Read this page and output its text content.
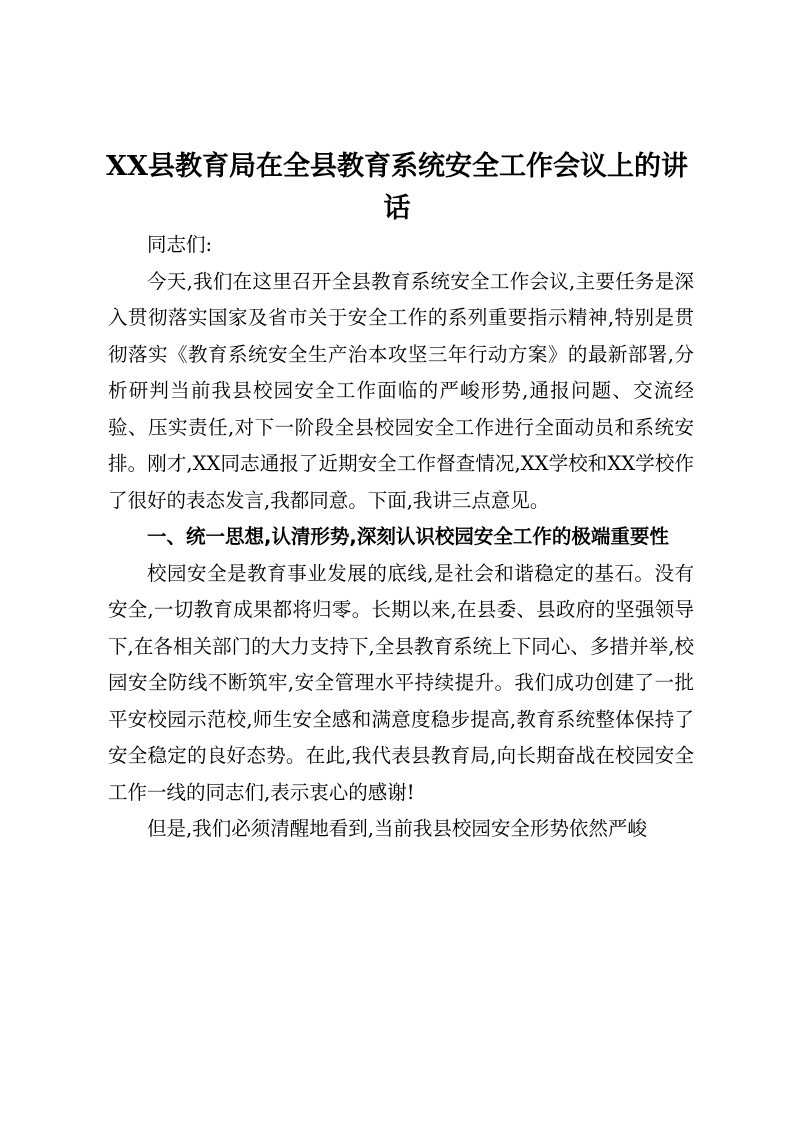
XX县教育局在全县教育系统安全工作会议上的讲话

同志们:

今天,我们在这里召开全县教育系统安全工作会议,主要任务是深入贯彻落实国家及省市关于安全工作的系列重要指示精神,特别是贯彻落实《教育系统安全生产治本攻坚三年行动方案》的最新部署,分析研判当前我县校园安全工作面临的严峻形势,通报问题、交流经验、压实责任,对下一阶段全县校园安全工作进行全面动员和系统安排。刚才,XX同志通报了近期安全工作督查情况,XX学校和XX学校作了很好的表态发言,我都同意。下面,我讲三点意见。

一、统一思想,认清形势,深刻认识校园安全工作的极端重要性

校园安全是教育事业发展的底线,是社会和谐稳定的基石。没有安全,一切教育成果都将归零。长期以来,在县委、县政府的坚强领导下,在各相关部门的大力支持下,全县教育系统上下同心、多措并举,校园安全防线不断筑牢,安全管理水平持续提升。我们成功创建了一批平安校园示范校,师生安全感和满意度稳步提高,教育系统整体保持了安全稳定的良好态势。在此,我代表县教育局,向长期奋战在校园安全工作一线的同志们,表示衷心的感谢!

但是,我们必须清醒地看到,当前我县校园安全形势依然严峻
